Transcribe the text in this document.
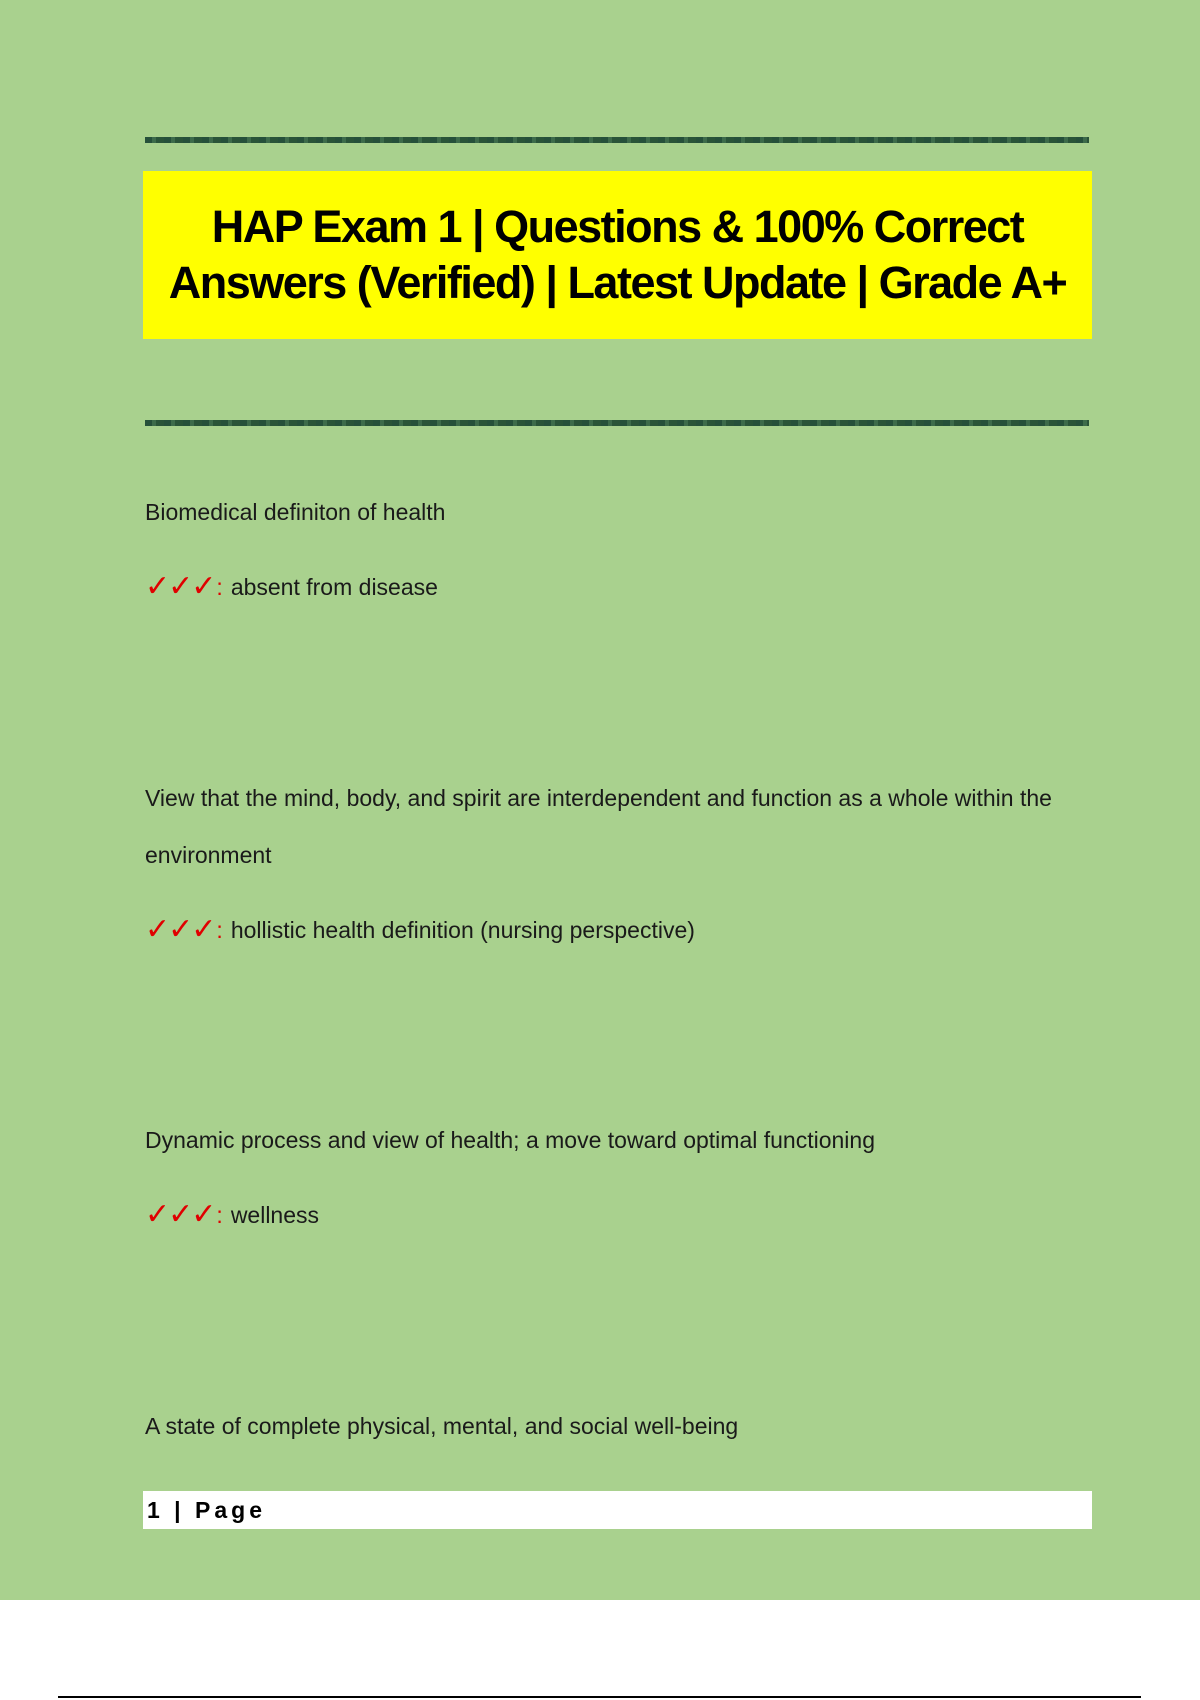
HAP Exam 1 | Questions & 100% Correct Answers (Verified) | Latest Update | Grade A+

Biomedical definiton of health

✓✓✓ : absent from disease

View that the mind, body, and spirit are interdependent and function as a whole within the environment

✓✓✓ : hollistic health definition (nursing perspective)

Dynamic process and view of health; a move toward optimal functioning

✓✓✓ : wellness

A state of complete physical, mental, and social well-being

1 | Page
